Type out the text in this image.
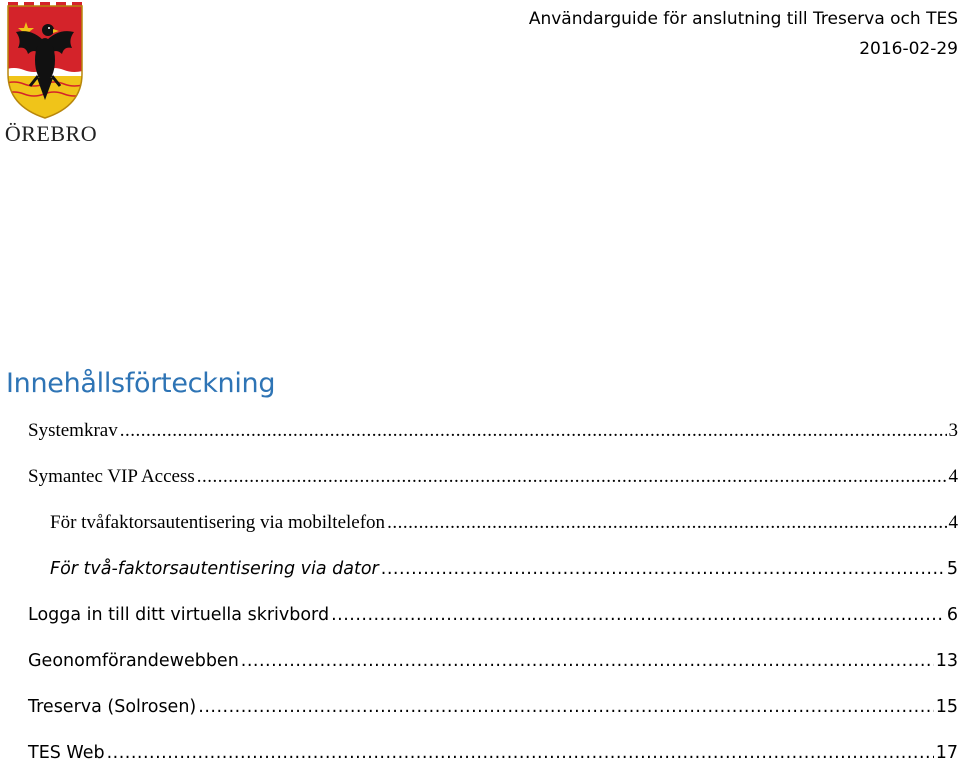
ÖREBRO
Användarguide för anslutning till Treserva och TES
2016-02-29
Innehållsförteckning
Systemkrav .....	3
Symantec VIP Access .....	4
För tvåfaktorsautentisering via mobiltelefon .....	4
För två-faktorsautentisering via dator .....	5
Logga in till ditt virtuella skrivbord .....	6
Geonomförandewebben .....	13
Treserva (Solrosen) .....	15
TES Web .....	17
